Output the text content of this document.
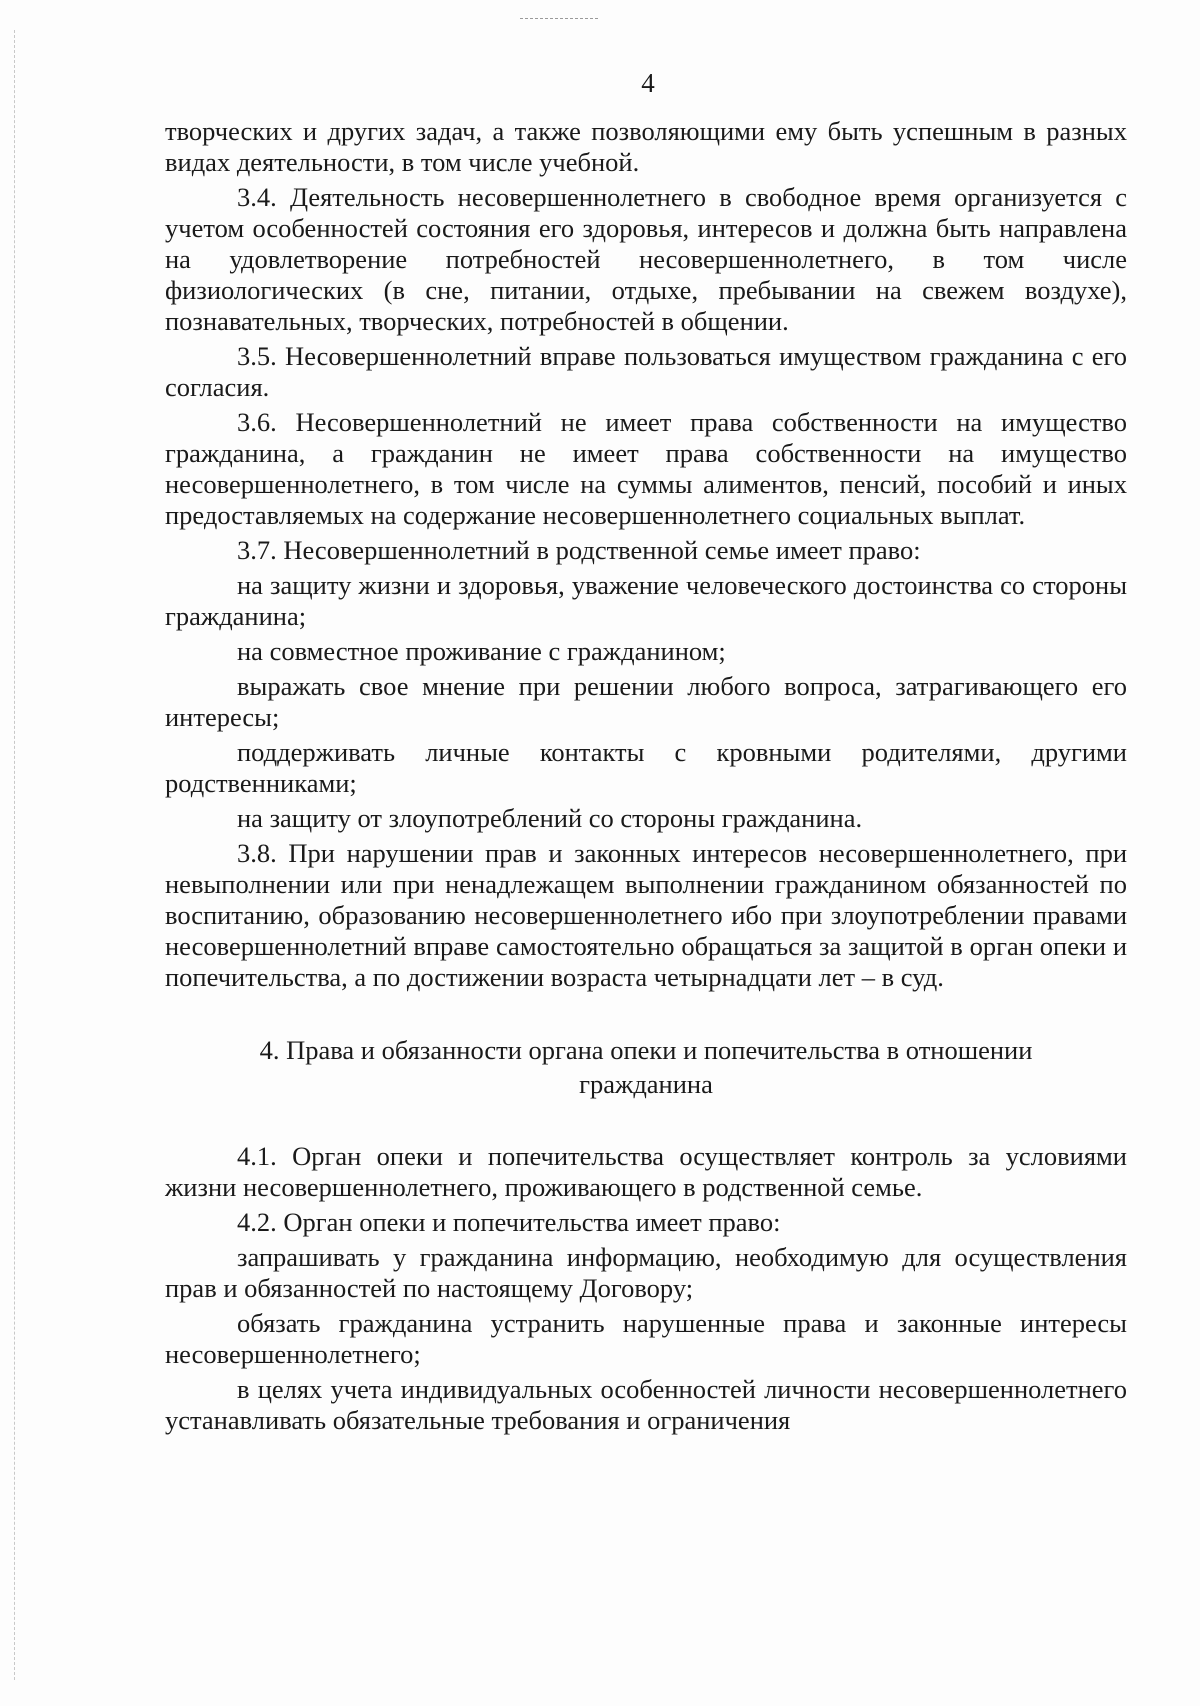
4

творческих и других задач, а также позволяющими ему быть успешным в разных видах деятельности, в том числе учебной.

3.4. Деятельность несовершеннолетнего в свободное время организуется с учетом особенностей состояния его здоровья, интересов и должна быть направлена на удовлетворение потребностей несовершеннолетнего, в том числе физиологических (в сне, питании, отдыхе, пребывании на свежем воздухе), познавательных, творческих, потребностей в общении.

3.5. Несовершеннолетний вправе пользоваться имуществом гражданина с его согласия.

3.6. Несовершеннолетний не имеет права собственности на имущество гражданина, а гражданин не имеет права собственности на имущество несовершеннолетнего, в том числе на суммы алиментов, пенсий, пособий и иных предоставляемых на содержание несовершеннолетнего социальных выплат.

3.7. Несовершеннолетний в родственной семье имеет право:

на защиту жизни и здоровья, уважение человеческого достоинства со стороны гражданина;

на совместное проживание с гражданином;

выражать свое мнение при решении любого вопроса, затрагивающего его интересы;

поддерживать личные контакты с кровными родителями, другими родственниками;

на защиту от злоупотреблений со стороны гражданина.

3.8. При нарушении прав и законных интересов несовершеннолетнего, при невыполнении или при ненадлежащем выполнении гражданином обязанностей по воспитанию, образованию несовершеннолетнего ибо при злоупотреблении правами несовершеннолетний вправе самостоятельно обращаться за защитой в орган опеки и попечительства, а по достижении возраста четырнадцати лет – в суд.

4. Права и обязанности органа опеки и попечительства в отношении
гражданина

4.1. Орган опеки и попечительства осуществляет контроль за условиями жизни несовершеннолетнего, проживающего в родственной семье.

4.2. Орган опеки и попечительства имеет право:

запрашивать у гражданина информацию, необходимую для осуществления прав и обязанностей по настоящему Договору;

обязать гражданина устранить нарушенные права и законные интересы несовершеннолетнего;

в целях учета индивидуальных особенностей личности несовершеннолетнего устанавливать обязательные требования и ограничения
